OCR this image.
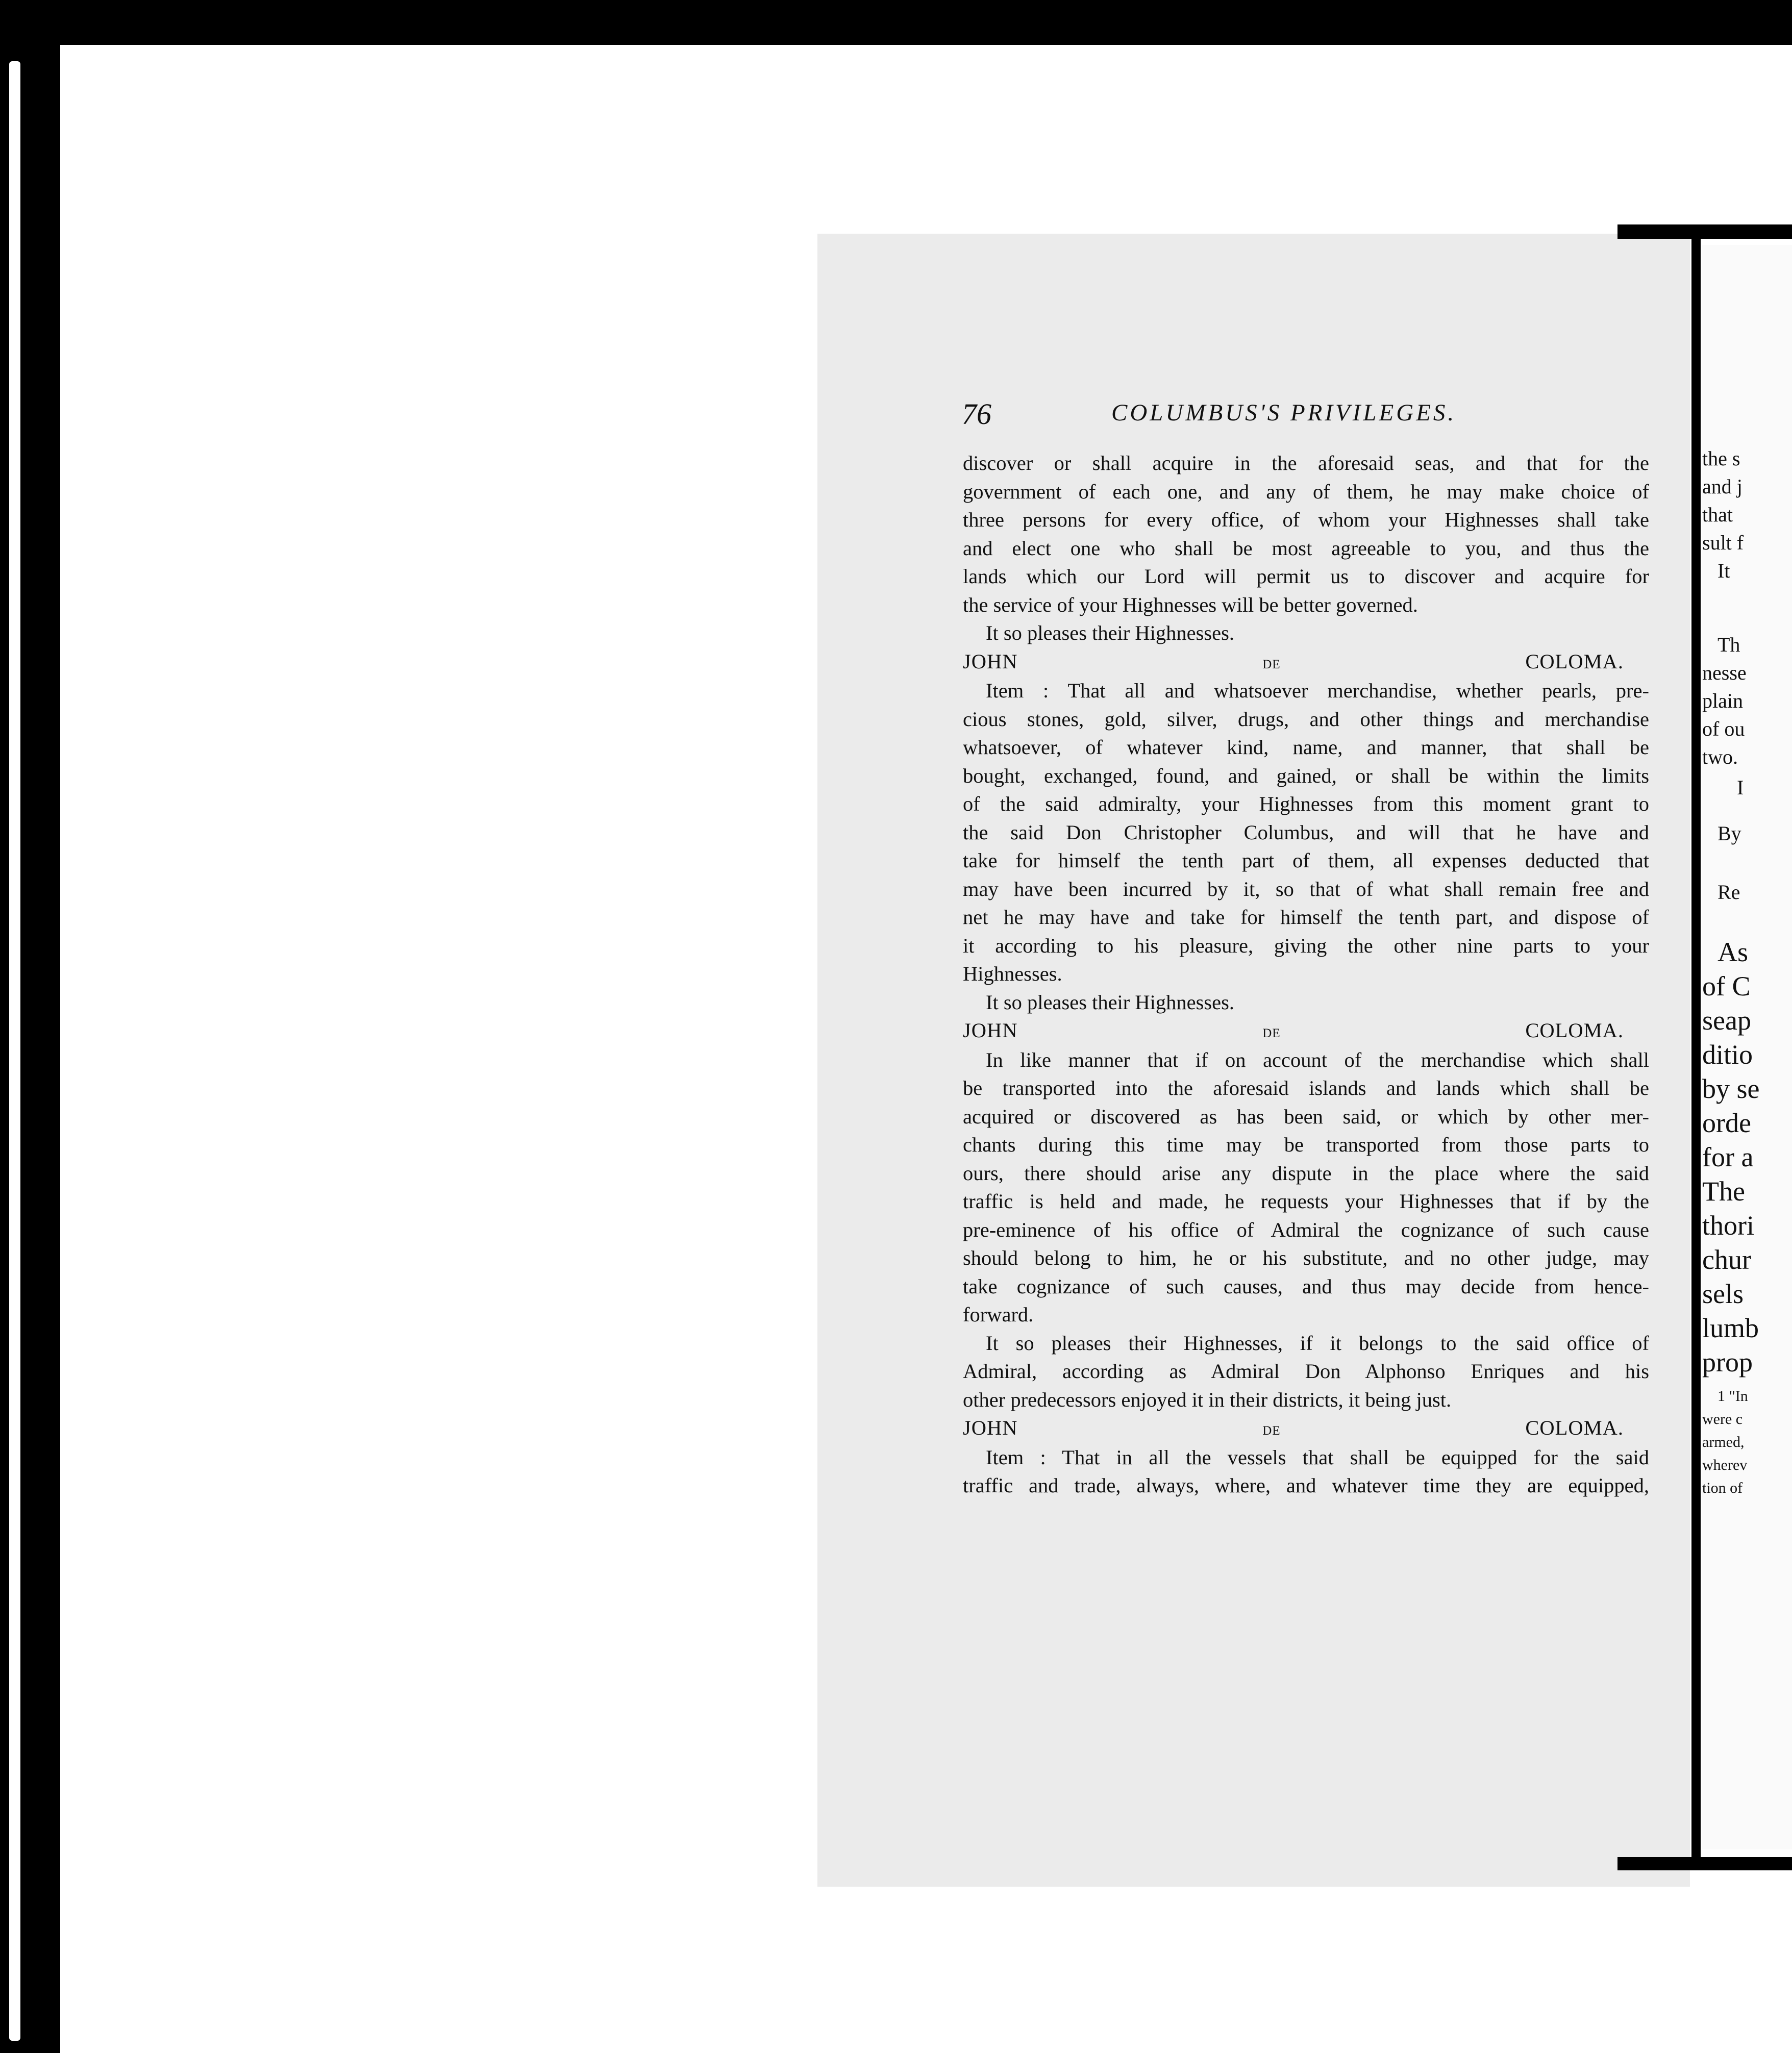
76	COLUMBUS'S PRIVILEGES.

discover or shall acquire in the aforesaid seas, and that for the

government of each one, and any of them, he may make choice of

three persons for every office, of whom your Highnesses shall take

and elect one who shall be most agreeable to you, and thus the

lands which our Lord will permit us to discover and acquire for

the service of your Highnesses will be better governed.

It so pleases their Highnesses.

JOHN	de	COLOMA.

Item : That all and whatsoever merchandise, whether pearls, pre-

cious stones, gold, silver, drugs, and other things and merchandise

whatsoever, of whatever kind, name, and manner, that shall be

bought, exchanged, found, and gained, or shall be within the limits

of the said admiralty, your Highnesses from this moment grant to

the said Don Christopher Columbus, and will that he have and

take for himself the tenth part of them, all expenses deducted that

may have been incurred by it, so that of what shall remain free and

net he may have and take for himself the tenth part, and dispose of

it according to his pleasure, giving the other nine parts to your

Highnesses.

It so pleases their Highnesses.

JOHN	de	COLOMA.

In like manner that if on account of the merchandise which shall

be transported into the aforesaid islands and lands which shall be

acquired or discovered as has been said, or which by other mer-

chants during this time may be transported from those parts to

ours, there should arise any dispute in the place where the said

traffic is held and made, he requests your Highnesses that if by the

pre-eminence of his office of Admiral the cognizance of such cause

should belong to him, he or his substitute, and no other judge, may

take cognizance of such causes, and thus may decide from hence-

forward.

It so pleases their Highnesses, if it belongs to the said office of

Admiral, according as Admiral Don Alphonso Enriques and his

other predecessors enjoyed it in their districts, it being just.

JOHN	de	COLOMA.

Item : That in all the vessels that shall be equipped for the said

traffic and trade, always, where, and whatever time they are equipped,

the s
and j
that
sult f
It
Th
nesse
plain
of ou
two.
I
By
Re
As
of C
seap
ditio
by se
orde
for a
The
thori
chur
sels
lumb
prop
1 "In
were c
armed,
wherev
tion of
